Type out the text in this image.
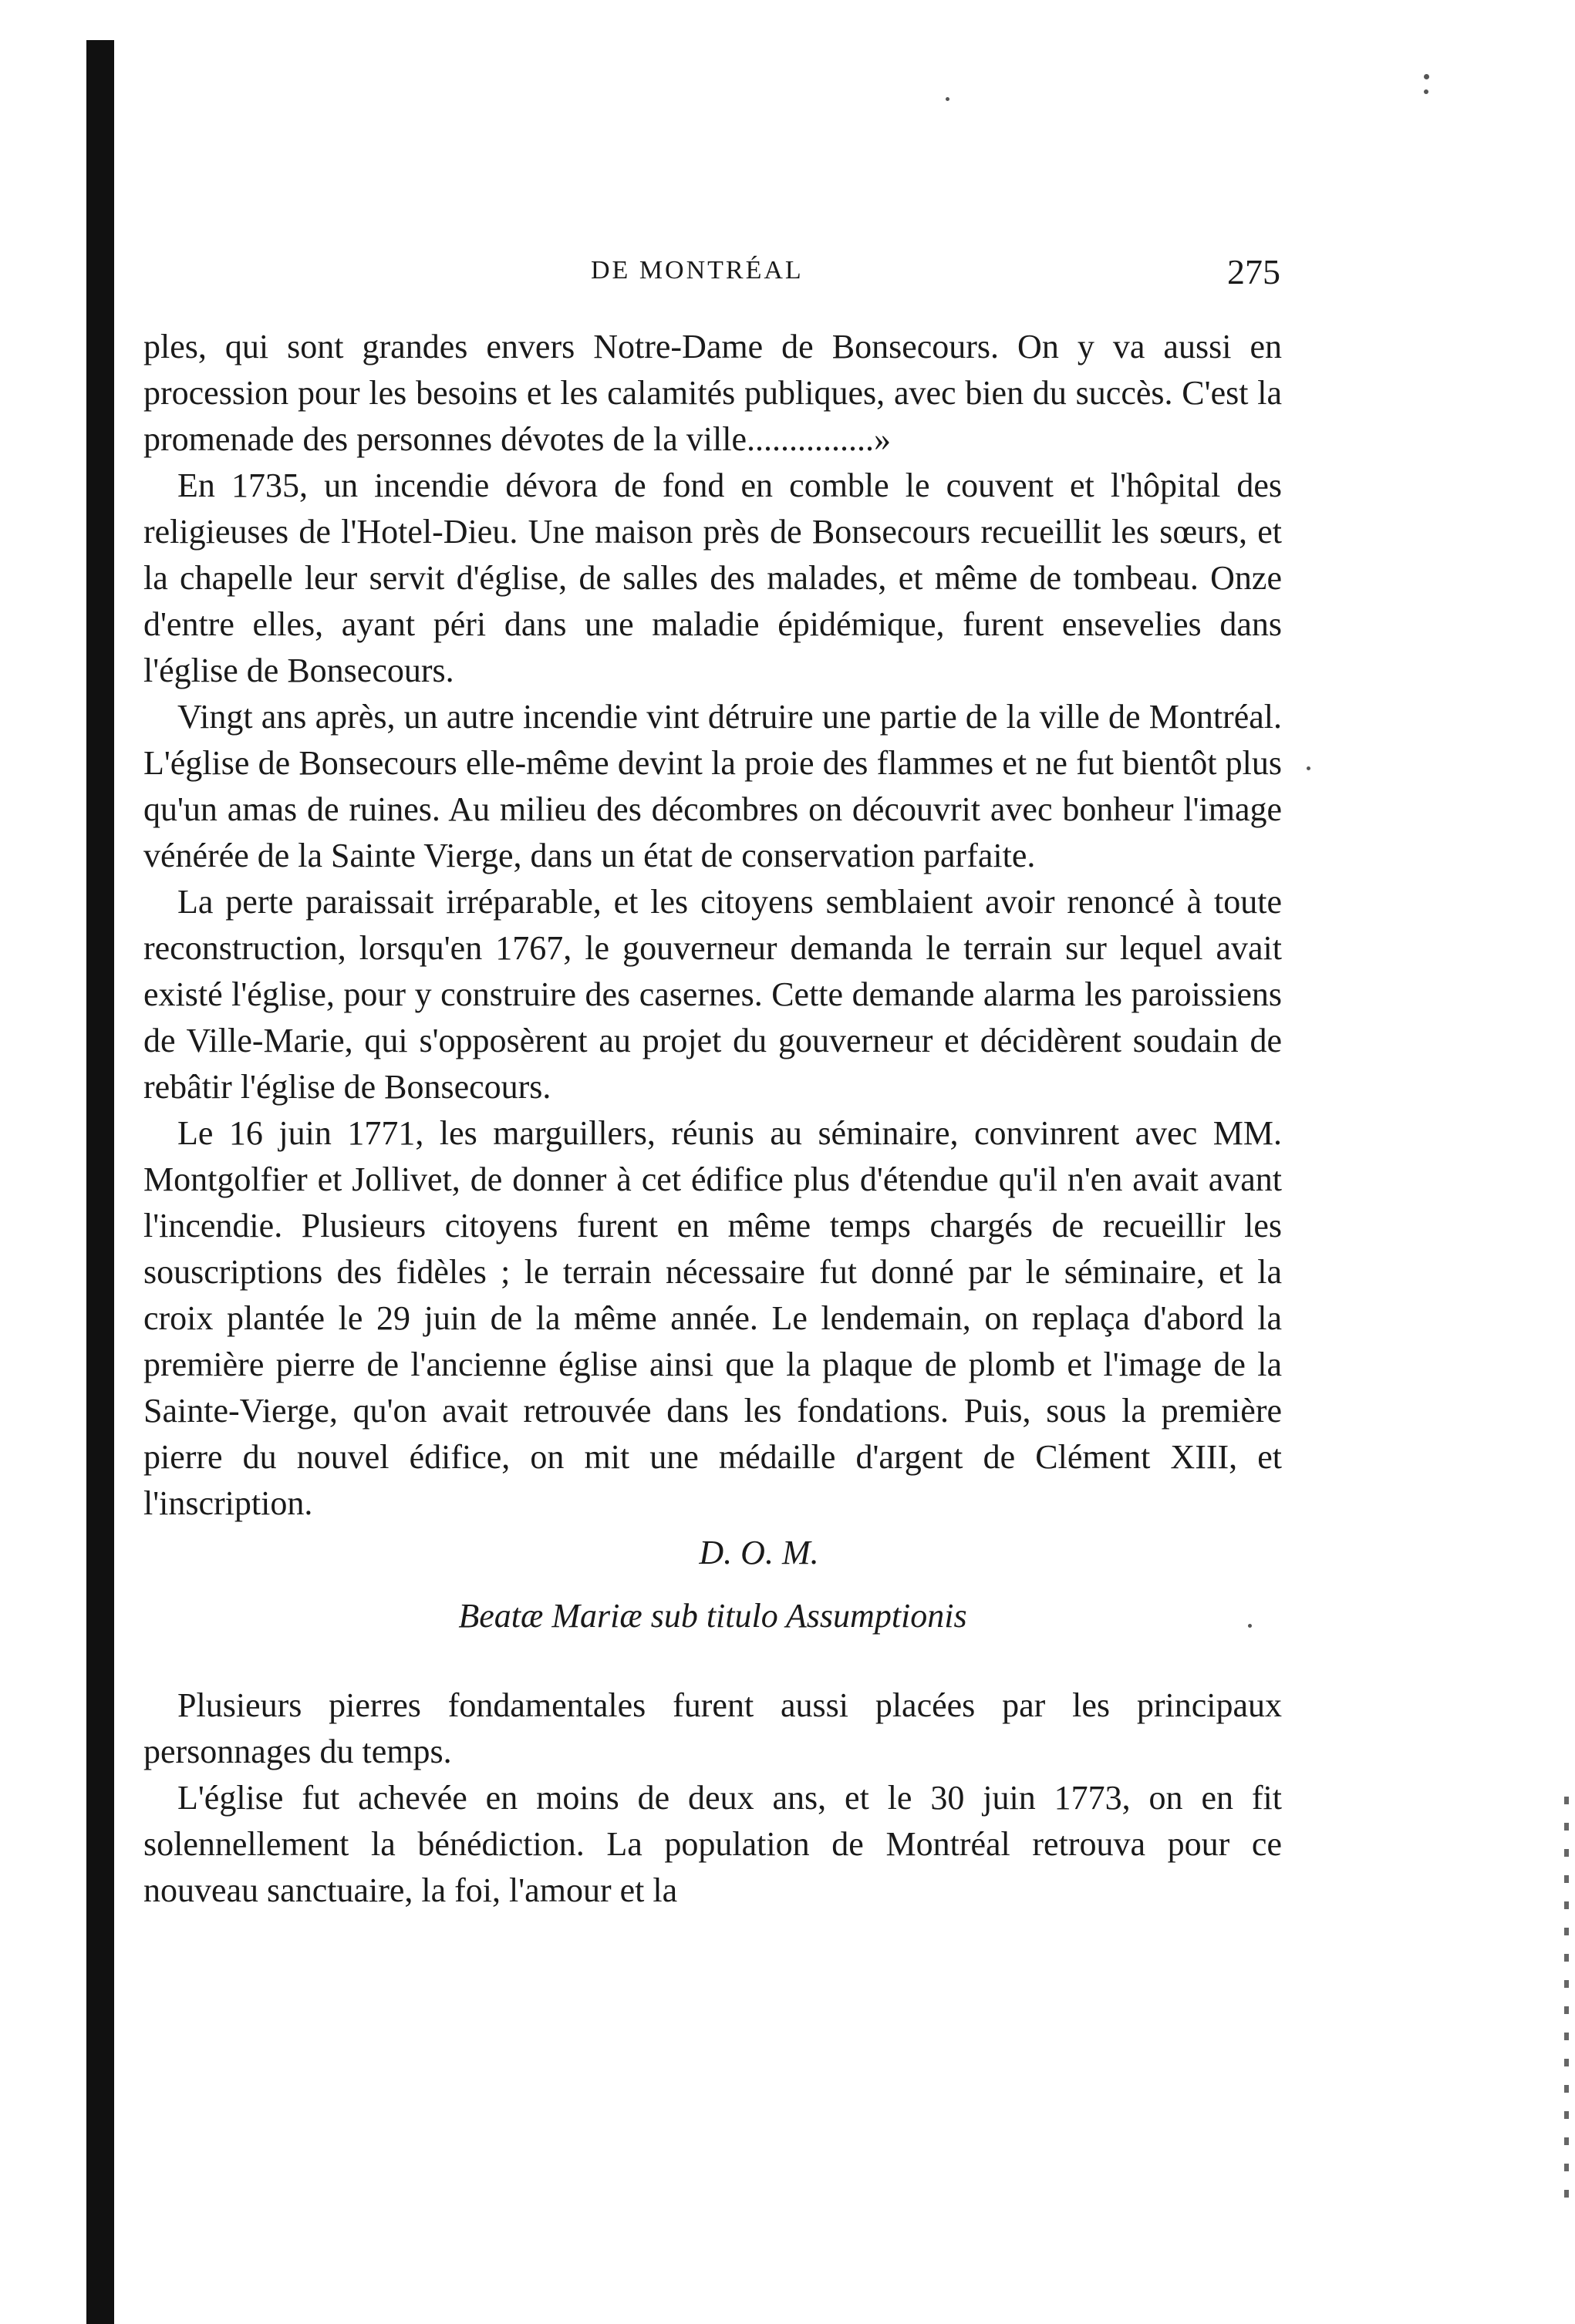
DE MONTRÉAL	275

ples, qui sont grandes envers Notre-Dame de Bonsecours. On y va aussi en procession pour les besoins et les calamités publiques, avec bien du succès. C'est la promenade des personnes dévotes de la ville...............»

En 1735, un incendie dévora de fond en comble le couvent et l'hôpital des religieuses de l'Hotel-Dieu. Une maison près de Bonsecours recueillit les sœurs, et la chapelle leur servit d'église, de salles des malades, et même de tombeau. Onze d'entre elles, ayant péri dans une maladie épidémique, furent ensevelies dans l'église de Bonsecours.

Vingt ans après, un autre incendie vint détruire une partie de la ville de Montréal. L'église de Bonsecours elle-même devint la proie des flammes et ne fut bientôt plus qu'un amas de ruines. Au milieu des décombres on découvrit avec bonheur l'image vénérée de la Sainte Vierge, dans un état de conservation parfaite.

La perte paraissait irréparable, et les citoyens semblaient avoir renoncé à toute reconstruction, lorsqu'en 1767, le gouverneur demanda le terrain sur lequel avait existé l'église, pour y construire des casernes. Cette demande alarma les paroissiens de Ville-Marie, qui s'opposèrent au projet du gouverneur et décidèrent soudain de rebâtir l'église de Bonsecours.

Le 16 juin 1771, les marguillers, réunis au séminaire, convinrent avec MM. Montgolfier et Jollivet, de donner à cet édifice plus d'étendue qu'il n'en avait avant l'incendie. Plusieurs citoyens furent en même temps chargés de recueillir les souscriptions des fidèles ; le terrain nécessaire fut donné par le séminaire, et la croix plantée le 29 juin de la même année. Le lendemain, on replaça d'abord la première pierre de l'ancienne église ainsi que la plaque de plomb et l'image de la Sainte-Vierge, qu'on avait retrouvée dans les fondations. Puis, sous la première pierre du nouvel édifice, on mit une médaille d'argent de Clément XIII, et l'inscription.

D. O. M.

Beatæ Mariæ sub titulo Assumptionis

Plusieurs pierres fondamentales furent aussi placées par les principaux personnages du temps.

L'église fut achevée en moins de deux ans, et le 30 juin 1773, on en fit solennellement la bénédiction. La population de Montréal retrouva pour ce nouveau sanctuaire, la foi, l'amour et la
